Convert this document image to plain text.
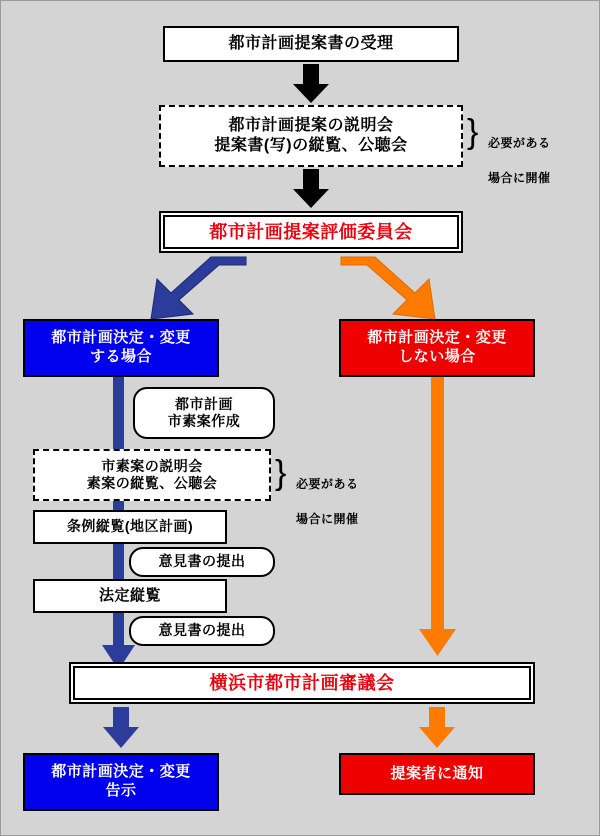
都市計画提案書の受理
都市計画提案の説明会
提案書(写)の縦覧、公聴会 } 必要がある

場合に開催

都市計画提案評価委員会
都市計画決定・変更
する場合
都市計画決定・変更
しない場合
都市計画
市素案作成
市素案の説明会
素案の縦覧、公聴会 } 必要がある

場合に開催

条例縦覧(地区計画)
意見書の提出
法定縦覧
意見書の提出
横浜市都市計画審議会
都市計画決定・変更
告示
提案者に通知
